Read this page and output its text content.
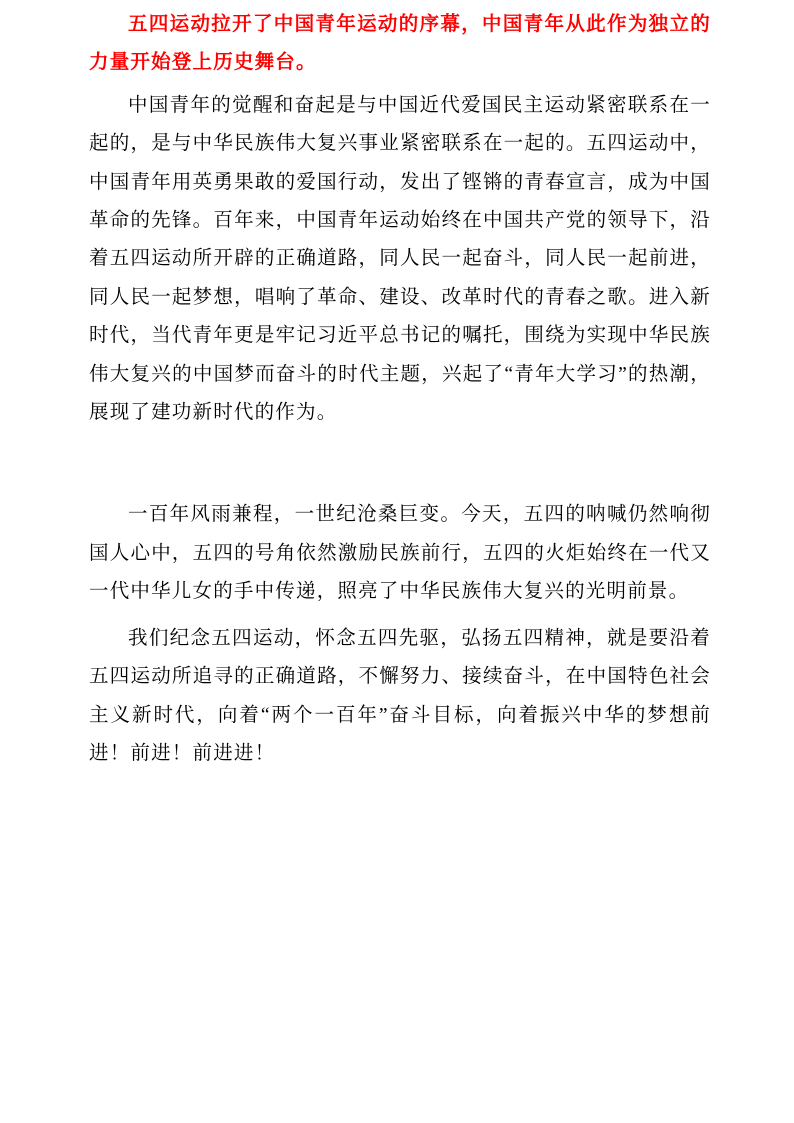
五四运动拉开了中国青年运动的序幕，中国青年从此作为独立的力量开始登上历史舞台。

中国青年的觉醒和奋起是与中国近代爱国民主运动紧密联系在一起的，是与中华民族伟大复兴事业紧密联系在一起的。五四运动中，中国青年用英勇果敢的爱国行动，发出了铿锵的青春宣言，成为中国革命的先锋。百年来，中国青年运动始终在中国共产党的领导下，沿着五四运动所开辟的正确道路，同人民一起奋斗，同人民一起前进，同人民一起梦想，唱响了革命、建设、改革时代的青春之歌。进入新时代，当代青年更是牢记习近平总书记的嘱托，围绕为实现中华民族伟大复兴的中国梦而奋斗的时代主题，兴起了“青年大学习”的热潮，展现了建功新时代的作为。

一百年风雨兼程，一世纪沧桑巨变。今天，五四的呐喊仍然响彻国人心中，五四的号角依然激励民族前行，五四的火炬始终在一代又一代中华儿女的手中传递，照亮了中华民族伟大复兴的光明前景。

我们纪念五四运动，怀念五四先驱，弘扬五四精神，就是要沿着五四运动所追寻的正确道路，不懈努力、接续奋斗，在中国特色社会主义新时代，向着“两个一百年”奋斗目标，向着振兴中华的梦想前进！前进！前进进！
